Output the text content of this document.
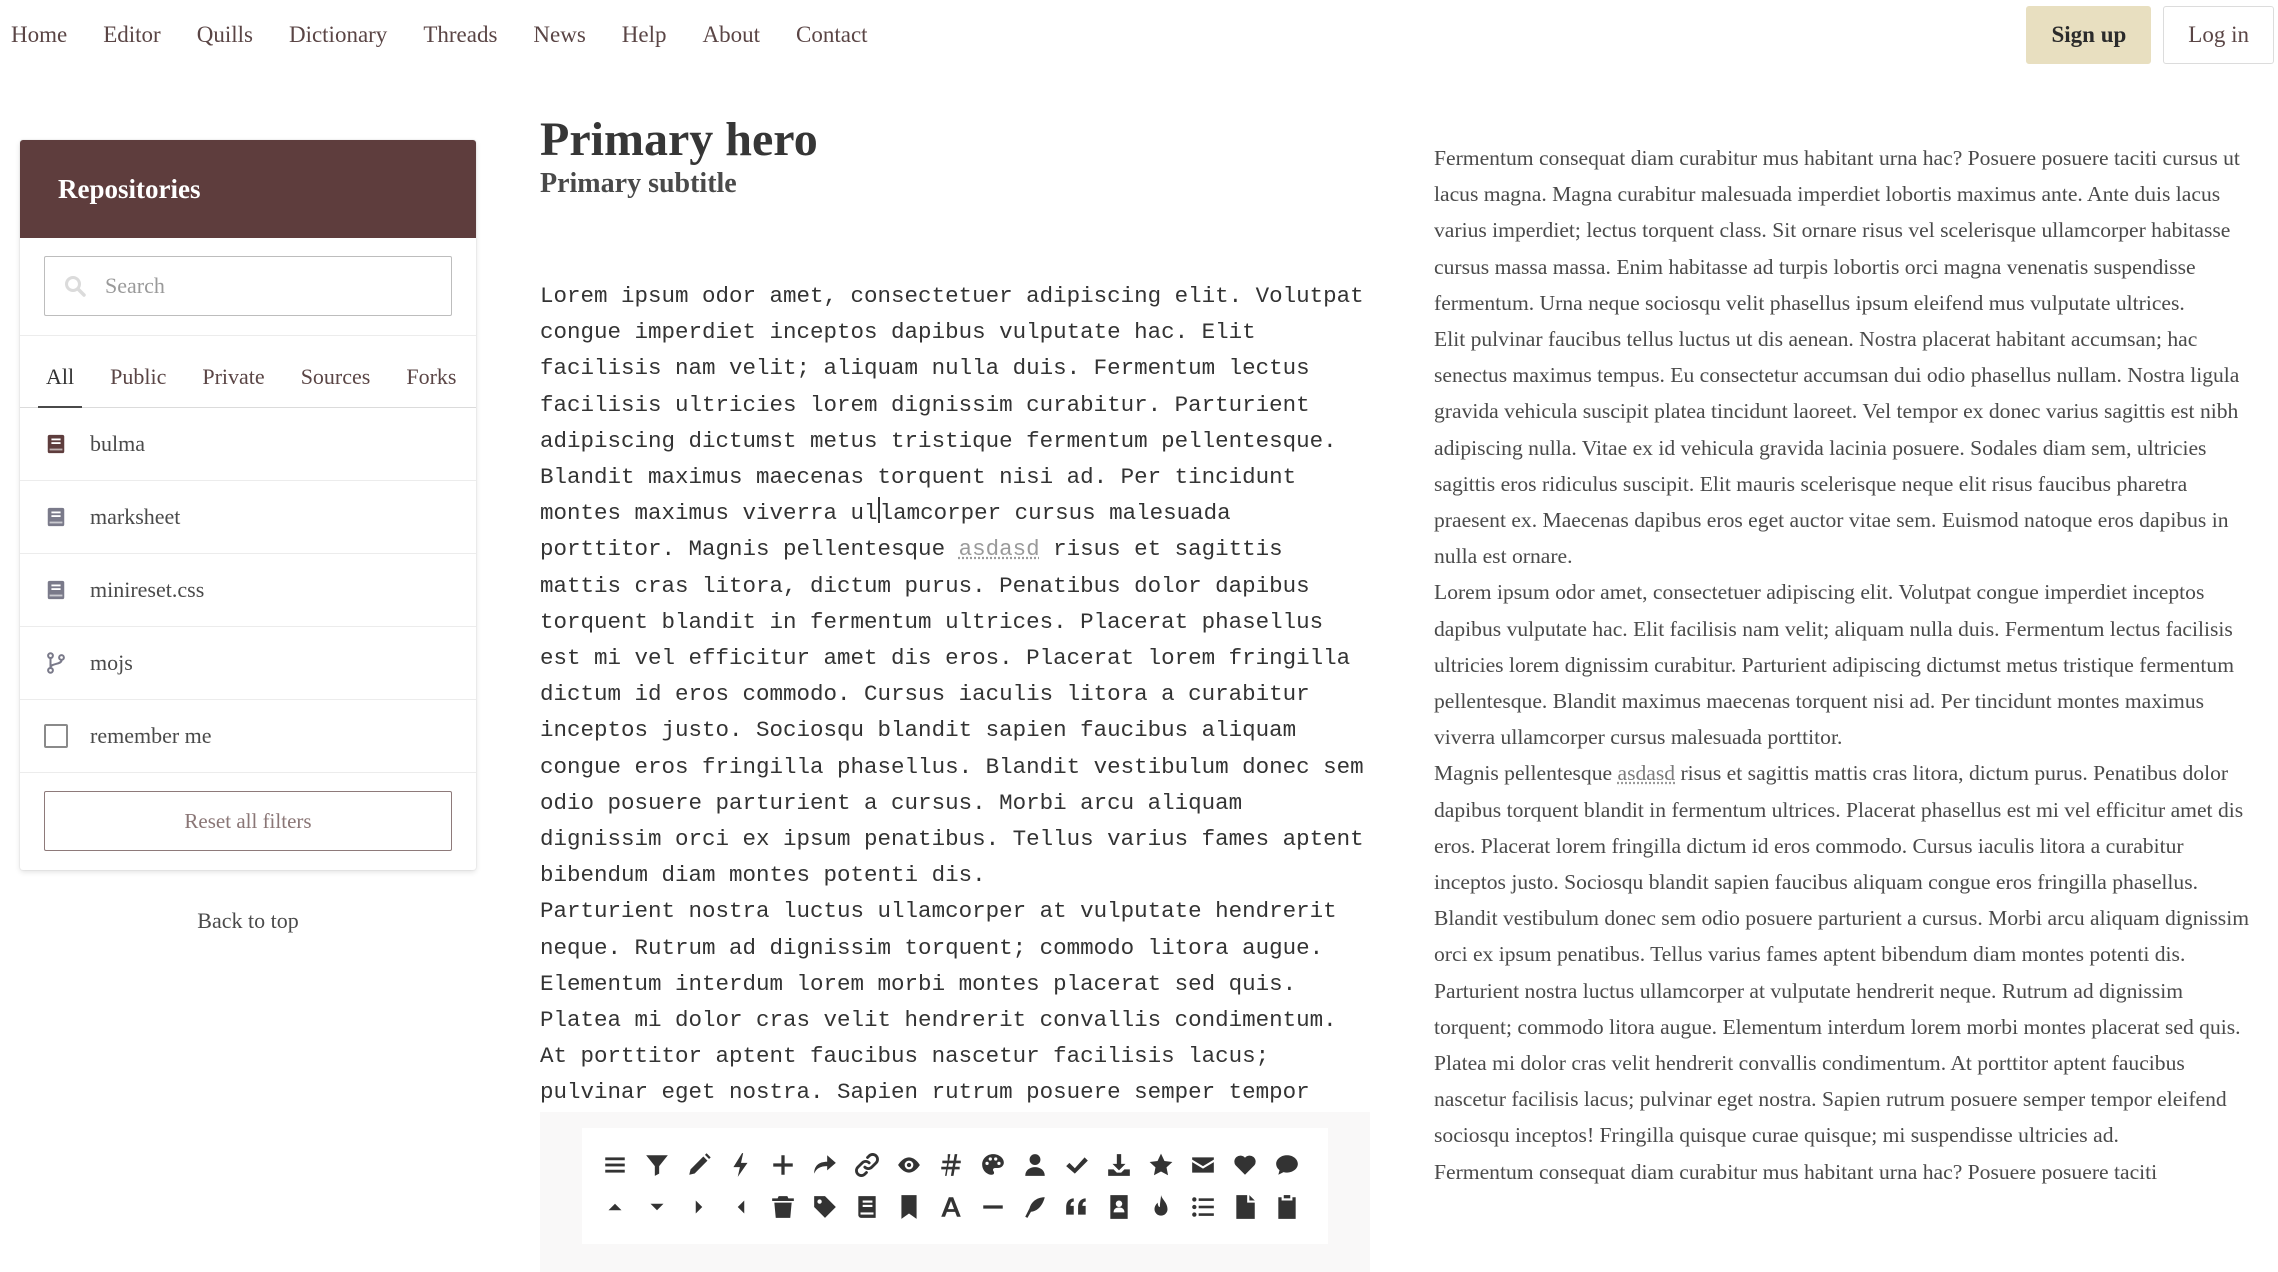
Home Editor Quills Dictionary Threads News Help About Contact	Sign up	Log in
Repositories
Search
All	Public	Private	Sources	Forks
bulma
marksheet
minireset.css
mojs
remember me
Reset all filters
Back to top
Primary hero
Primary subtitle

Lorem ipsum odor amet, consectetuer adipiscing elit. Volutpat congue imperdiet inceptos dapibus vulputate hac. Elit facilisis nam velit; aliquam nulla duis. Fermentum lectus facilisis ultricies lorem dignissim curabitur. Parturient adipiscing dictumst metus tristique fermentum pellentesque. Blandit maximus maecenas torquent nisi ad. Per tincidunt montes maximus viverra ullamcorper cursus malesuada porttitor. Magnis pellentesque asdasd risus et sagittis mattis cras litora, dictum purus. Penatibus dolor dapibus torquent blandit in fermentum ultrices. Placerat phasellus est mi vel efficitur amet dis eros. Placerat lorem fringilla dictum id eros commodo. Cursus iaculis litora a curabitur inceptos justo. Sociosqu blandit sapien faucibus aliquam congue eros fringilla phasellus. Blandit vestibulum donec sem odio posuere parturient a cursus. Morbi arcu aliquam dignissim orci ex ipsum penatibus. Tellus varius fames aptent bibendum diam montes potenti dis.

Parturient nostra luctus ullamcorper at vulputate hendrerit neque. Rutrum ad dignissim torquent; commodo litora augue. Elementum interdum lorem morbi montes placerat sed quis. Platea mi dolor cras velit hendrerit convallis condimentum. At porttitor aptent faucibus nascetur facilisis lacus; pulvinar eget nostra. Sapien rutrum posuere semper tempor

Fermentum consequat diam curabitur mus habitant urna hac? Posuere posuere taciti cursus ut lacus magna. Magna curabitur malesuada imperdiet lobortis maximus ante. Ante duis lacus varius imperdiet; lectus torquent class. Sit ornare risus vel scelerisque ullamcorper habitasse cursus massa massa. Enim habitasse ad turpis lobortis orci magna venenatis suspendisse fermentum. Urna neque sociosqu velit phasellus ipsum eleifend mus vulputate ultrices.

Elit pulvinar faucibus tellus luctus ut dis aenean. Nostra placerat habitant accumsan; hac senectus maximus tempus. Eu consectetur accumsan dui odio phasellus nullam. Nostra ligula gravida vehicula suscipit platea tincidunt laoreet. Vel tempor ex donec varius sagittis est nibh adipiscing nulla. Vitae ex id vehicula gravida lacinia posuere. Sodales diam sem, ultricies sagittis eros ridiculus suscipit. Elit mauris scelerisque neque elit risus faucibus pharetra praesent ex. Maecenas dapibus eros eget auctor vitae sem. Euismod natoque eros dapibus in nulla est ornare.

Lorem ipsum odor amet, consectetuer adipiscing elit. Volutpat congue imperdiet inceptos dapibus vulputate hac. Elit facilisis nam velit; aliquam nulla duis. Fermentum lectus facilisis ultricies lorem dignissim curabitur. Parturient adipiscing dictumst metus tristique fermentum pellentesque. Blandit maximus maecenas torquent nisi ad. Per tincidunt montes maximus viverra ullamcorper cursus malesuada porttitor.

Magnis pellentesque asdasd risus et sagittis mattis cras litora, dictum purus. Penatibus dolor dapibus torquent blandit in fermentum ultrices. Placerat phasellus est mi vel efficitur amet dis eros. Placerat lorem fringilla dictum id eros commodo. Cursus iaculis litora a curabitur inceptos justo. Sociosqu blandit sapien faucibus aliquam congue eros fringilla phasellus. Blandit vestibulum donec sem odio posuere parturient a cursus. Morbi arcu aliquam dignissim orci ex ipsum penatibus. Tellus varius fames aptent bibendum diam montes potenti dis.

Parturient nostra luctus ullamcorper at vulputate hendrerit neque. Rutrum ad dignissim torquent; commodo litora augue. Elementum interdum lorem morbi montes placerat sed quis. Platea mi dolor cras velit hendrerit convallis condimentum. At porttitor aptent faucibus nascetur facilisis lacus; pulvinar eget nostra. Sapien rutrum posuere semper tempor eleifend sociosqu inceptos! Fringilla quisque curae quisque; mi suspendisse ultricies ad.

Fermentum consequat diam curabitur mus habitant urna hac? Posuere posuere taciti
